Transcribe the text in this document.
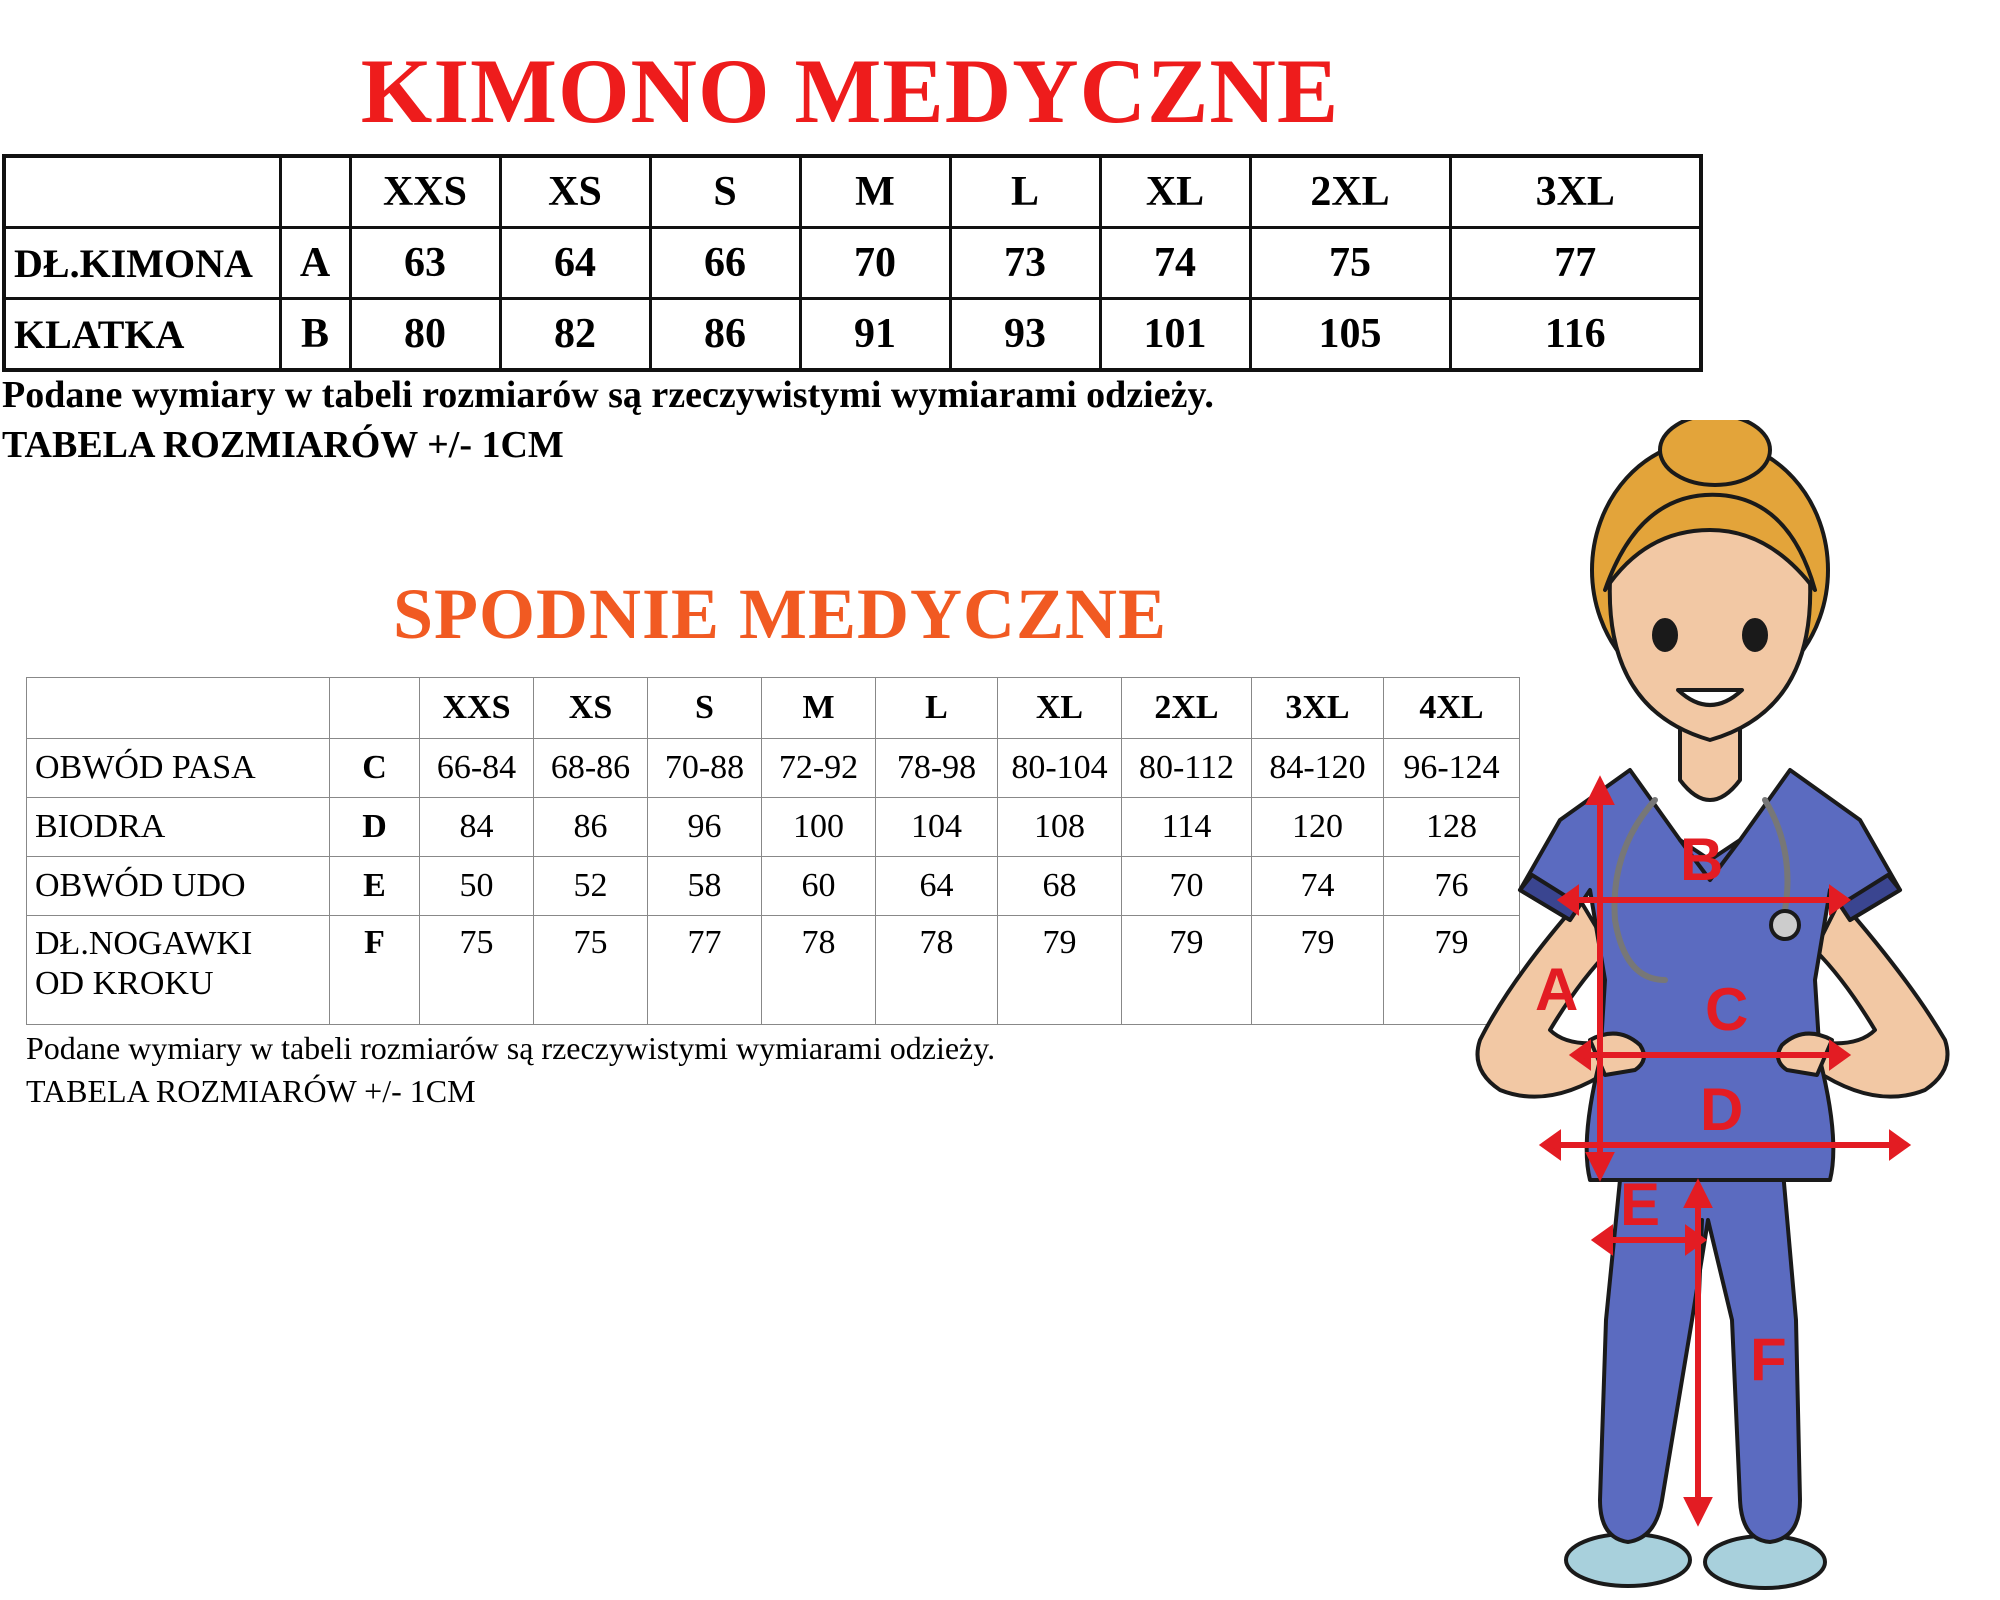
KIMONO MEDYCZNE
		XXS	XS	S	M	L	XL	2XL	3XL
DŁ.KIMONA	A	63	64	66	70	73	74	75	77
KLATKA	B	80	82	86	91	93	101	105	116

Podane wymiary w tabeli rozmiarów są rzeczywistymi wymiarami odzieży.

TABELA ROZMIARÓW +/- 1CM

SPODNIE MEDYCZNE
		XXS	XS	S	M	L	XL	2XL	3XL	4XL
OBWÓD PASA	C	66-84	68-86	70-88	72-92	78-98	80-104	80-112	84-120	96-124
BIODRA	D	84	86	96	100	104	108	114	120	128
OBWÓD UDO	E	50	52	58	60	64	68	70	74	76
DŁ.NOGAWKI
OD KROKU	F	75	75	77	78	78	79	79	79	79

Podane wymiary w tabeli rozmiarów są rzeczywistymi wymiarami odzieży.

TABELA ROZMIARÓW +/- 1CM

A
B
C
D
E
F
